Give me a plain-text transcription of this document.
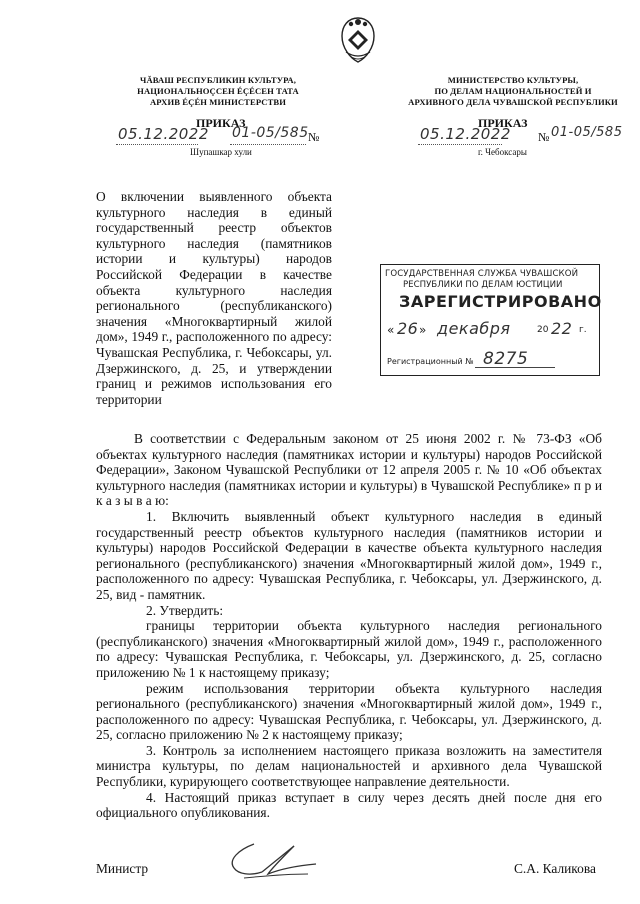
ЧĂВАШ РЕСПУБЛИКИН КУЛЬТУРА,
НАЦИОНАЛЬНОÇСЕН ÉÇÉСЕН ТАТА
АРХИВ ÉÇÉН МИНИСТЕРСТВИ
МИНИСТЕРСТВО КУЛЬТУРЫ,
ПО ДЕЛАМ НАЦИОНАЛЬНОСТЕЙ И
АРХИВНОГО ДЕЛА ЧУВАШСКОЙ РЕСПУБЛИКИ
ПРИКАЗ
05.12.2022 01-05/585 №
Шупашкар хули
ПРИКАЗ
05.12.2022 № 01-05/585
г. Чебоксары
О включении выявленного объекта культурного наследия в единый государственный реестр объектов культурного наследия (памятников истории и культуры) народов Российской Федерации в качестве объекта культурного наследия регионального (республиканского) значения «Многоквартирный жилой дом», 1949 г., расположенного по адресу: Чувашская Республика, г. Чебоксары, ул. Дзержинского, д. 25, и утверждении границ и режимов использования его территории
ГОСУДАРСТВЕННАЯ СЛУЖБА ЧУВАШСКОЙ
РЕСПУБЛИКИ ПО ДЕЛАМ ЮСТИЦИИ
ЗАРЕГИСТРИРОВАНО
« 26 » декабря	20 22 г.
Регистрационный № 8275

В соответствии с Федеральным законом от 25 июня 2002 г. № 73-ФЗ «Об объектах культурного наследия (памятниках истории и культуры) народов Российской Федерации», Законом Чувашской Республики от 12 апреля 2005 г. № 10 «Об объектах культурного наследия (памятниках истории и культуры) в Чувашской Республике» п р и к а з ы в а ю:

1. Включить выявленный объект культурного наследия в единый государственный реестр объектов культурного наследия (памятников истории и культуры) народов Российской Федерации в качестве объекта культурного наследия регионального (республиканского) значения «Многоквартирный жилой дом», 1949 г., расположенного по адресу: Чувашская Республика, г. Чебоксары, ул. Дзержинского, д. 25, вид - памятник.

2. Утвердить:

границы территории объекта культурного наследия регионального (республиканского) значения «Многоквартирный жилой дом», 1949 г., расположенного по адресу: Чувашская Республика, г. Чебоксары, ул. Дзержинского, д. 25, согласно приложению № 1 к настоящему приказу;

режим использования территории объекта культурного наследия регионального (республиканского) значения «Многоквартирный жилой дом», 1949 г., расположенного по адресу: Чувашская Республика, г. Чебоксары, ул. Дзержинского, д. 25, согласно приложению № 2 к настоящему приказу;

3. Контроль за исполнением настоящего приказа возложить на заместителя министра культуры, по делам национальностей и архивного дела Чувашской Республики, курирующего соответствующее направление деятельности.

4. Настоящий приказ вступает в силу через десять дней после дня его официального опубликования.

Министр	С.А. Каликова
